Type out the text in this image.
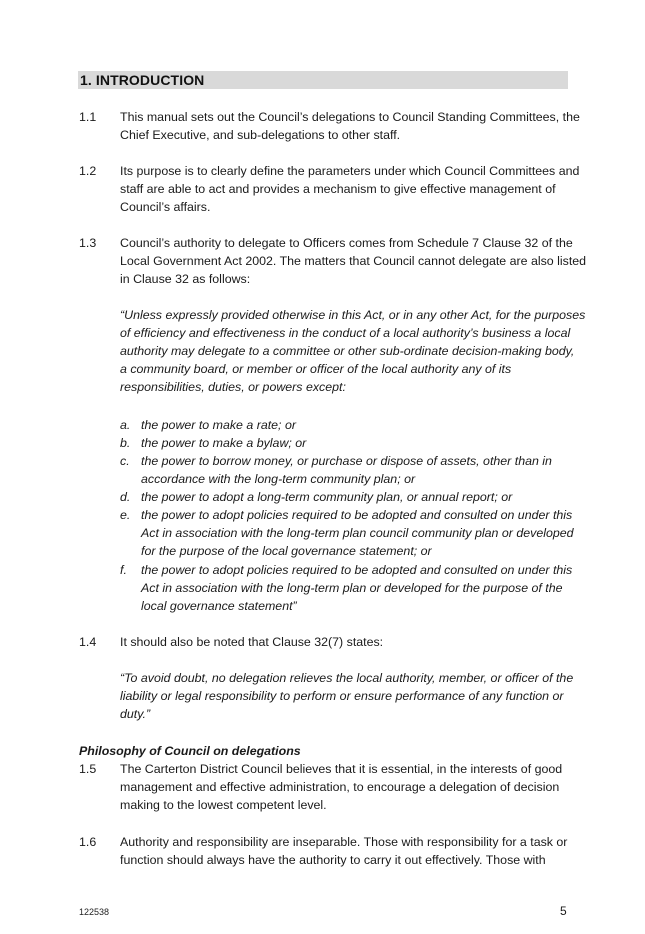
1. INTRODUCTION
1.1 This manual sets out the Council’s delegations to Council Standing Committees, the
Chief Executive, and sub-delegations to other staff.
1.2 Its purpose is to clearly define the parameters under which Council Committees and
staff are able to act and provides a mechanism to give effective management of
Council’s affairs.
1.3 Council’s authority to delegate to Officers comes from Schedule 7 Clause 32 of the
Local Government Act 2002. The matters that Council cannot delegate are also listed
in Clause 32 as follows:
“Unless expressly provided otherwise in this Act, or in any other Act, for the purposes
of efficiency and effectiveness in the conduct of a local authority’s business a local
authority may delegate to a committee or other sub-ordinate decision-making body,
a community board, or member or officer of the local authority any of its
responsibilities, duties, or powers except:
a. the power to make a rate; or
b. the power to make a bylaw; or
c. the power to borrow money, or purchase or dispose of assets, other than in
accordance with the long-term community plan; or
d. the power to adopt a long-term community plan, or annual report; or
e. the power to adopt policies required to be adopted and consulted on under this
Act in association with the long-term plan council community plan or developed
for the purpose of the local governance statement; or
f. the power to adopt policies required to be adopted and consulted on under this
Act in association with the long-term plan or developed for the purpose of the
local governance statement”
1.4 It should also be noted that Clause 32(7) states:
“To avoid doubt, no delegation relieves the local authority, member, or officer of the
liability or legal responsibility to perform or ensure performance of any function or
duty.”
Philosophy of Council on delegations
1.5 The Carterton District Council believes that it is essential, in the interests of good
management and effective administration, to encourage a delegation of decision
making to the lowest competent level.
1.6 Authority and responsibility are inseparable. Those with responsibility for a task or
function should always have the authority to carry it out effectively. Those with
122538	5
